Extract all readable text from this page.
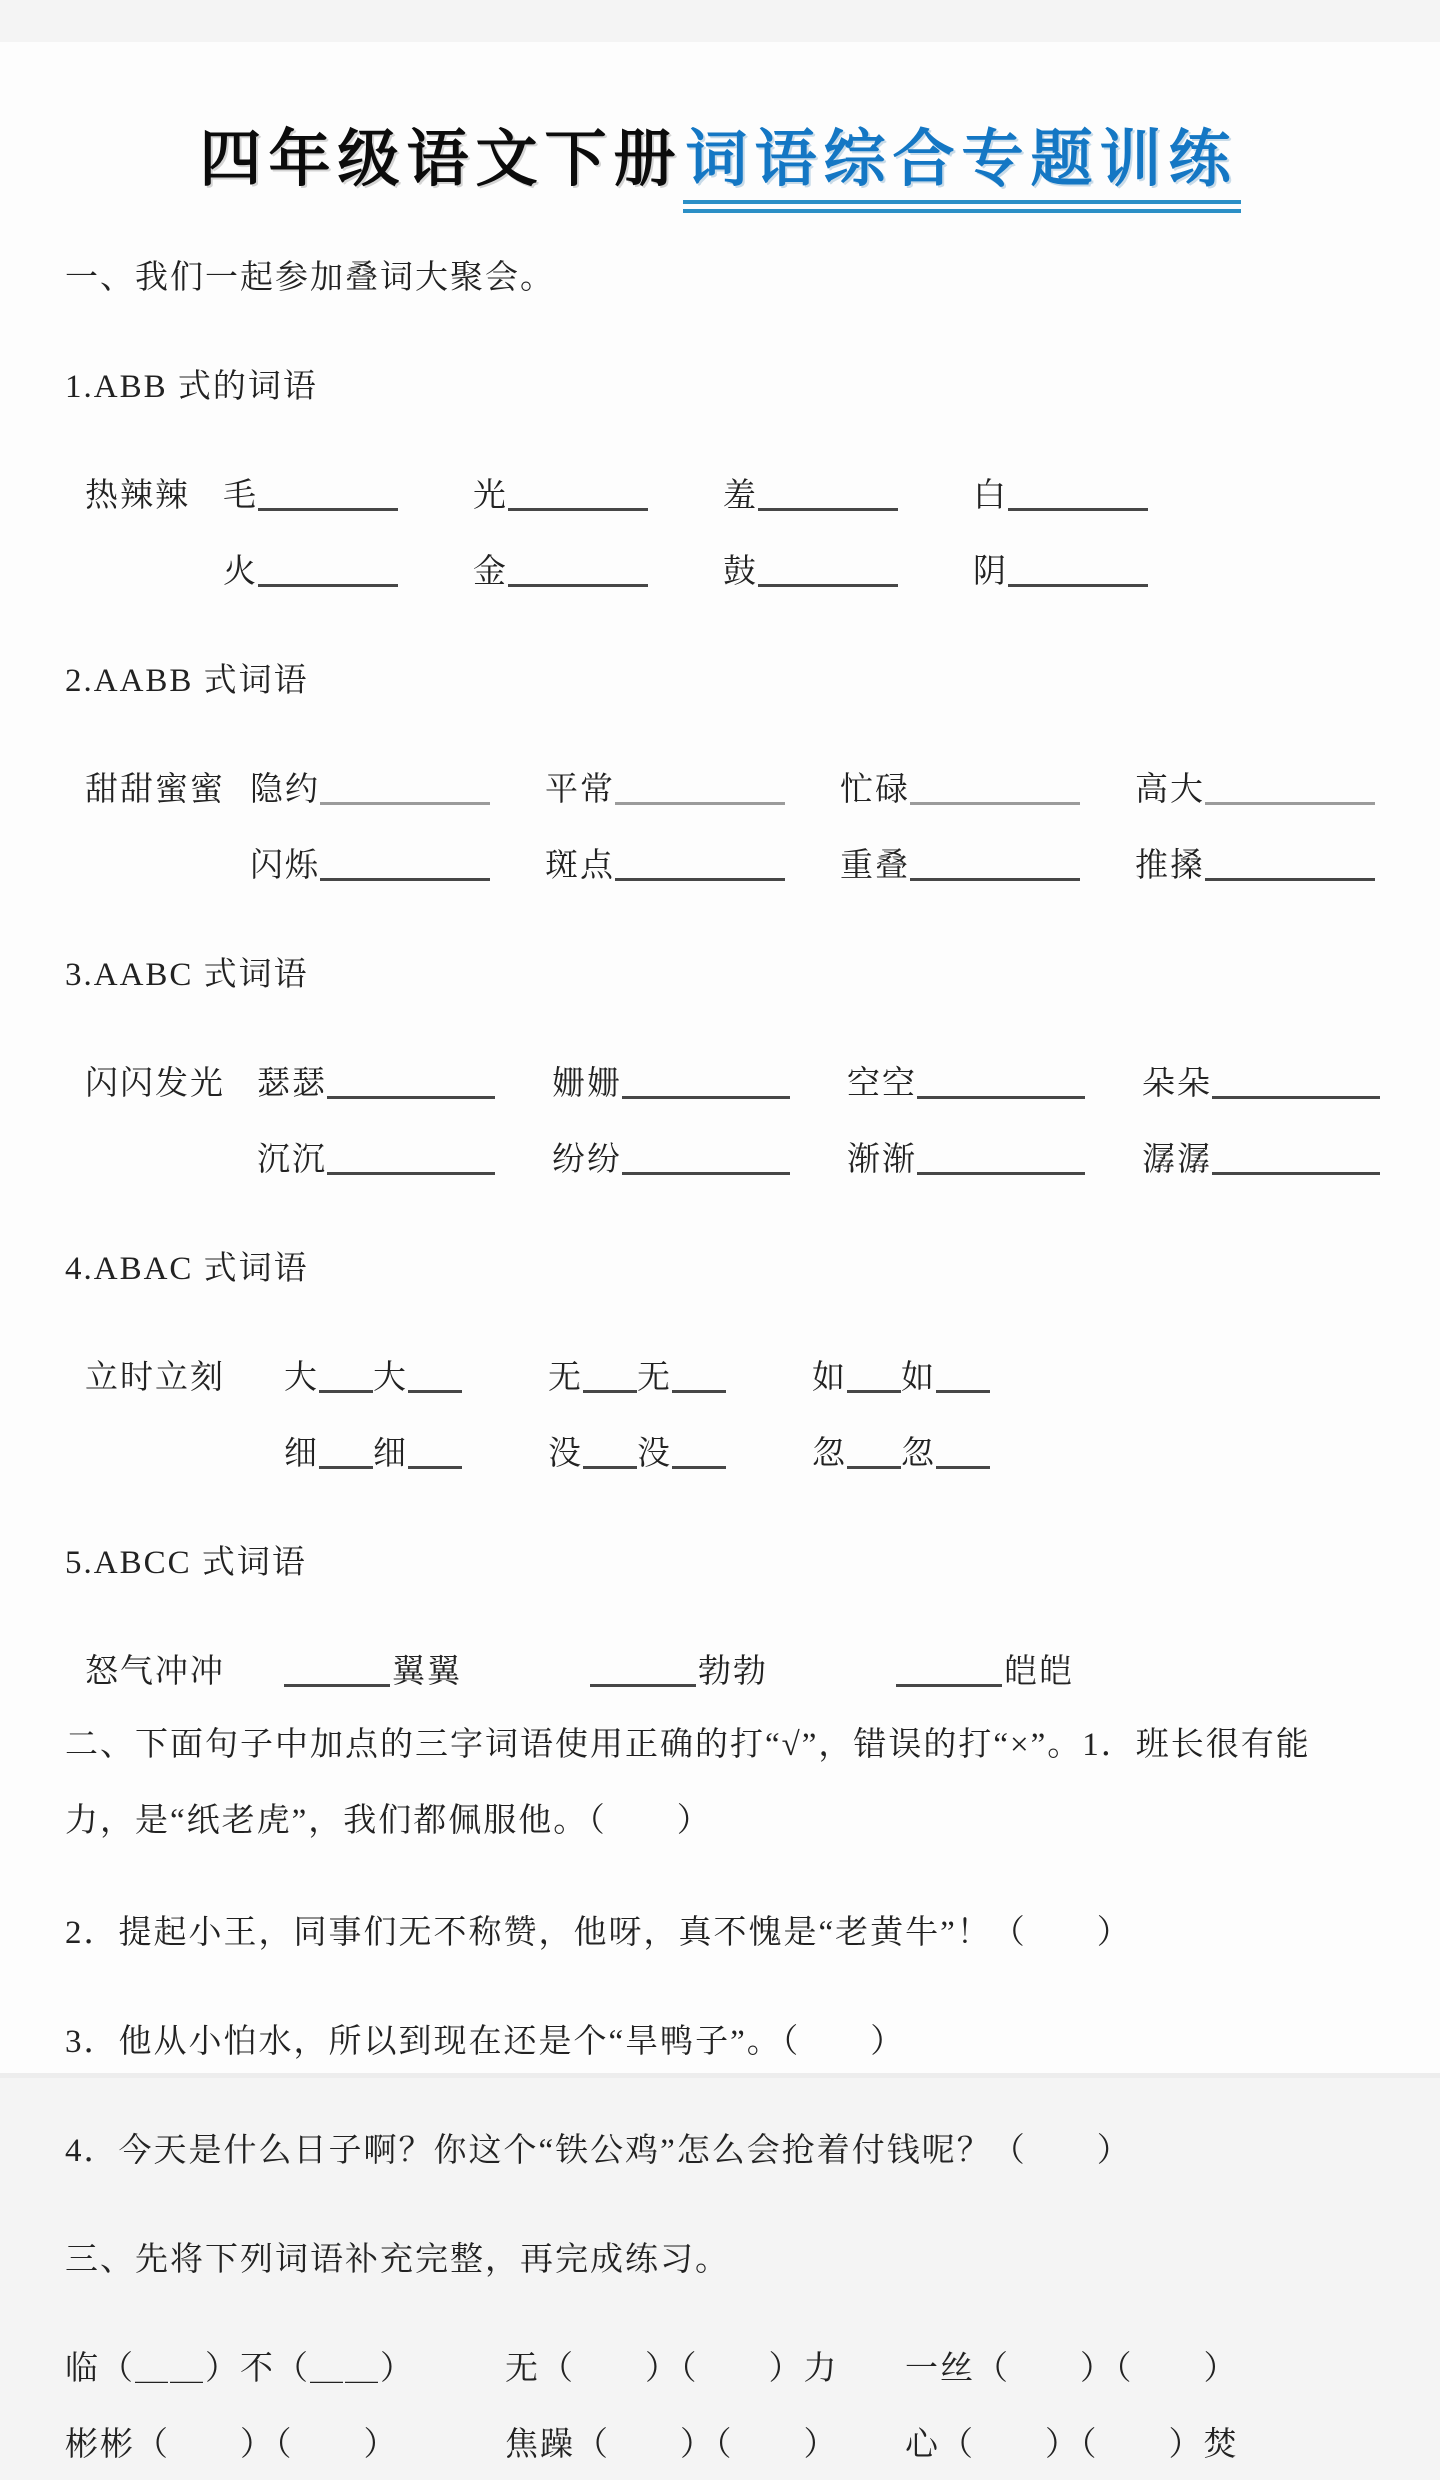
四年级语文下册词语综合专题训练

一、我们一起参加叠词大聚会。

1.ABB 式的词语

热辣辣	毛	光	羞	白
火	金	鼓	阴

2.AABB 式词语

甜甜蜜蜜 隐约	平常	忙碌	高大
闪烁	斑点	重叠	推搡

3.AABC 式词语

闪闪发光 瑟瑟	姗姗	空空	朵朵
沉沉	纷纷	渐渐	潺潺

4.ABAC 式词语

立时立刻	大 大	无 无	如 如
细 细	没 没	忽 忽

5.ABCC 式词语

怒气冲冲	翼翼	勃勃	皑皑

二、下面句子中加点的三字词语使用正确的打“√”，错误的打“×”。1．班长很有能力，是“纸老虎”，我们都佩服他。（　　）

2．提起小王，同事们无不称赞，他呀，真不愧是“老黄牛”！（　　）

3．他从小怕水，所以到现在还是个“旱鸭子”。（　　）

4．今天是什么日子啊？你这个“铁公鸡”怎么会抢着付钱呢？（　　）

三、先将下列词语补充完整，再完成练习。

临（＿＿）不（＿＿）	无（　　）（　　）力	一丝（　　）（　　）
彬彬（　　）（　　）	焦躁（　　）（　　）	心（　　）（　　）焚
